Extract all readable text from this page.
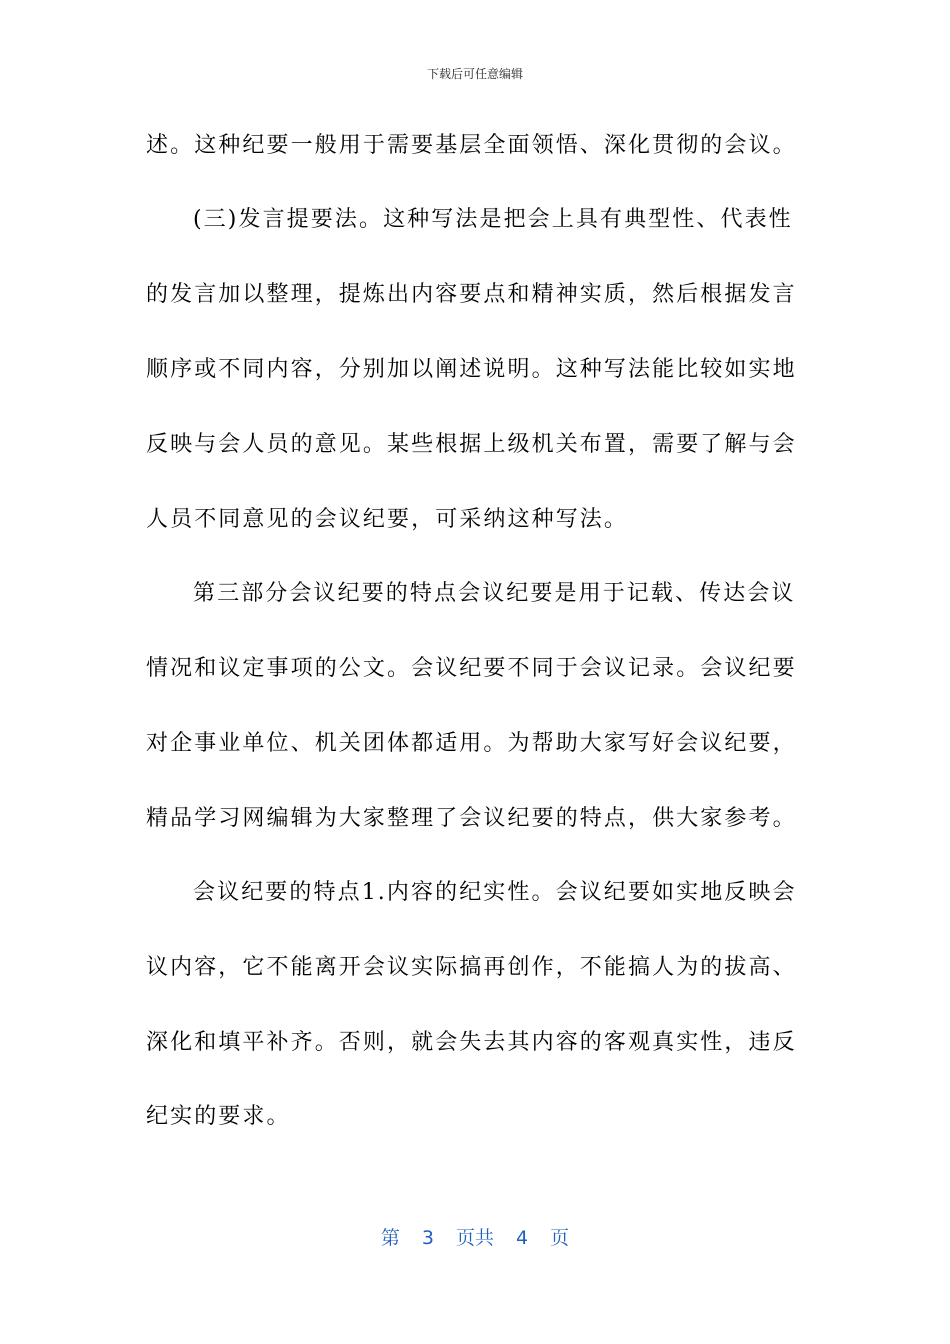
下载后可任意编辑
述。这种纪要一般用于需要基层全面领悟、深化贯彻的会议。
(三)发言提要法。这种写法是把会上具有典型性、代表性
的发言加以整理，提炼出内容要点和精神实质，然后根据发言
顺序或不同内容，分别加以阐述说明。这种写法能比较如实地
反映与会人员的意见。某些根据上级机关布置，需要了解与会
人员不同意见的会议纪要，可采纳这种写法。
第三部分会议纪要的特点会议纪要是用于记载、传达会议
情况和议定事项的公文。会议纪要不同于会议记录。会议纪要
对企事业单位、机关团体都适用。为帮助大家写好会议纪要，
精品学习网编辑为大家整理了会议纪要的特点，供大家参考。
会议纪要的特点1.内容的纪实性。会议纪要如实地反映会
议内容，它不能离开会议实际搞再创作，不能搞人为的拔高、
深化和填平补齐。否则，就会失去其内容的客观真实性，违反
纪实的要求。
第 3 页共 4 页
